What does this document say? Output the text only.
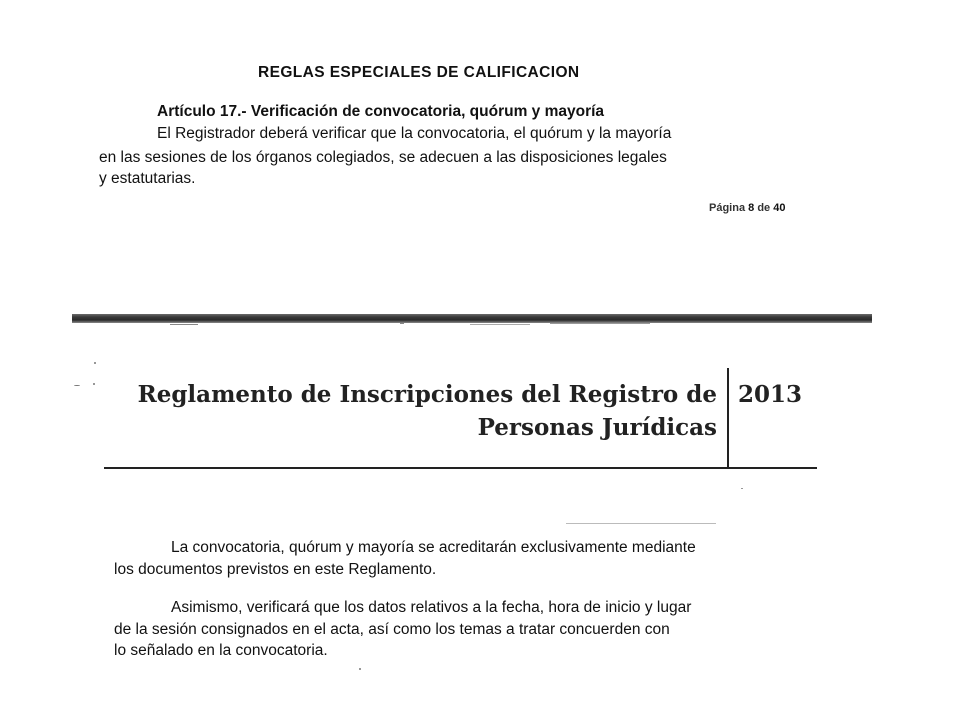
REGLAS ESPECIALES DE CALIFICACION
Artículo 17.- Verificación de convocatoria, quórum y mayoría
El Registrador deberá verificar que la convocatoria, el quórum y la mayoría
en las sesiones de los órganos colegiados, se adecuen a las disposiciones legales
y estatutarias.
Página 8 de 40
Reglamento de Inscripciones del Registro de
Personas Jurídicas
2013
La convocatoria, quórum y mayoría se acreditarán exclusivamente mediante
los documentos previstos en este Reglamento.
Asimismo, verificará que los datos relativos a la fecha, hora de inicio y lugar
de la sesión consignados en el acta, así como los temas a tratar concuerden con
lo señalado en la convocatoria.
